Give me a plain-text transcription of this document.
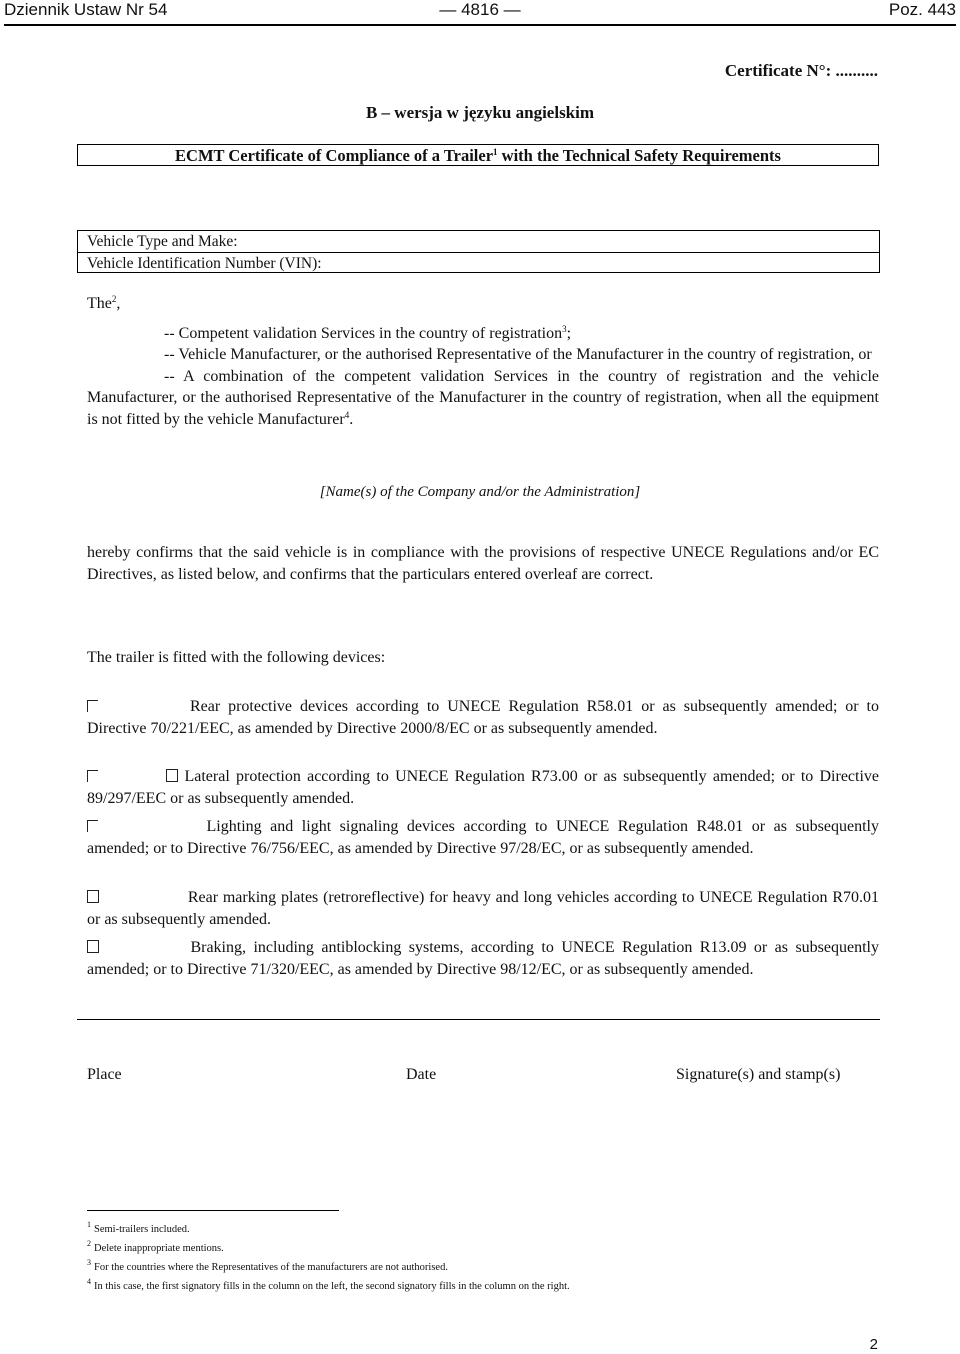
Dziennik Ustaw Nr 54	— 4816 —	Poz. 443
Certificate N°: ..........
B – wersja w języku angielskim
ECMT Certificate of Compliance of a Trailer$^1$ with the Technical Safety Requirements
Vehicle Type and Make:
Vehicle Identification Number (VIN):

The$^2$,

-- Competent validation Services in the country of registration$^3$;

-- Vehicle Manufacturer, or the authorised Representative of the Manufacturer in the country of registration, or

-- A combination of the competent validation Services in the country of registration and the vehicle Manufacturer, or the authorised Representative of the Manufacturer in the country of registration, when all the equipment is not fitted by the vehicle Manufacturer$^4$.

[Name(s) of the Company and/or the Administration]
hereby confirms that the said vehicle is in compliance with the provisions of respective UNECE Regulations and/or EC Directives, as listed below, and confirms that the particulars entered overleaf are correct.
The trailer is fitted with the following devices:
Rear protective devices according to UNECE Regulation R58.01 or as subsequently amended; or to Directive 70/221/EEC, as amended by Directive 2000/8/EC or as subsequently amended.
Lateral protection according to UNECE Regulation R73.00 or as subsequently amended; or to Directive 89/297/EEC or as subsequently amended.
Lighting and light signaling devices according to UNECE Regulation R48.01 or as subsequently amended; or to Directive 76/756/EEC, as amended by Directive 97/28/EC, or as subsequently amended.
Rear marking plates (retroreflective) for heavy and long vehicles according to UNECE Regulation R70.01 or as subsequently amended.
Braking, including antiblocking systems, according to UNECE Regulation R13.09 or as subsequently amended; or to Directive 71/320/EEC, as amended by Directive 98/12/EC, or as subsequently amended.
Place	Date	Signature(s) and stamp(s)
$^1$ Semi-trailers included.
$^2$ Delete inappropriate mentions.
$^3$ For the countries where the Representatives of the manufacturers are not authorised.
$^4$ In this case, the first signatory fills in the column on the left, the second signatory fills in the column on the right.
2
